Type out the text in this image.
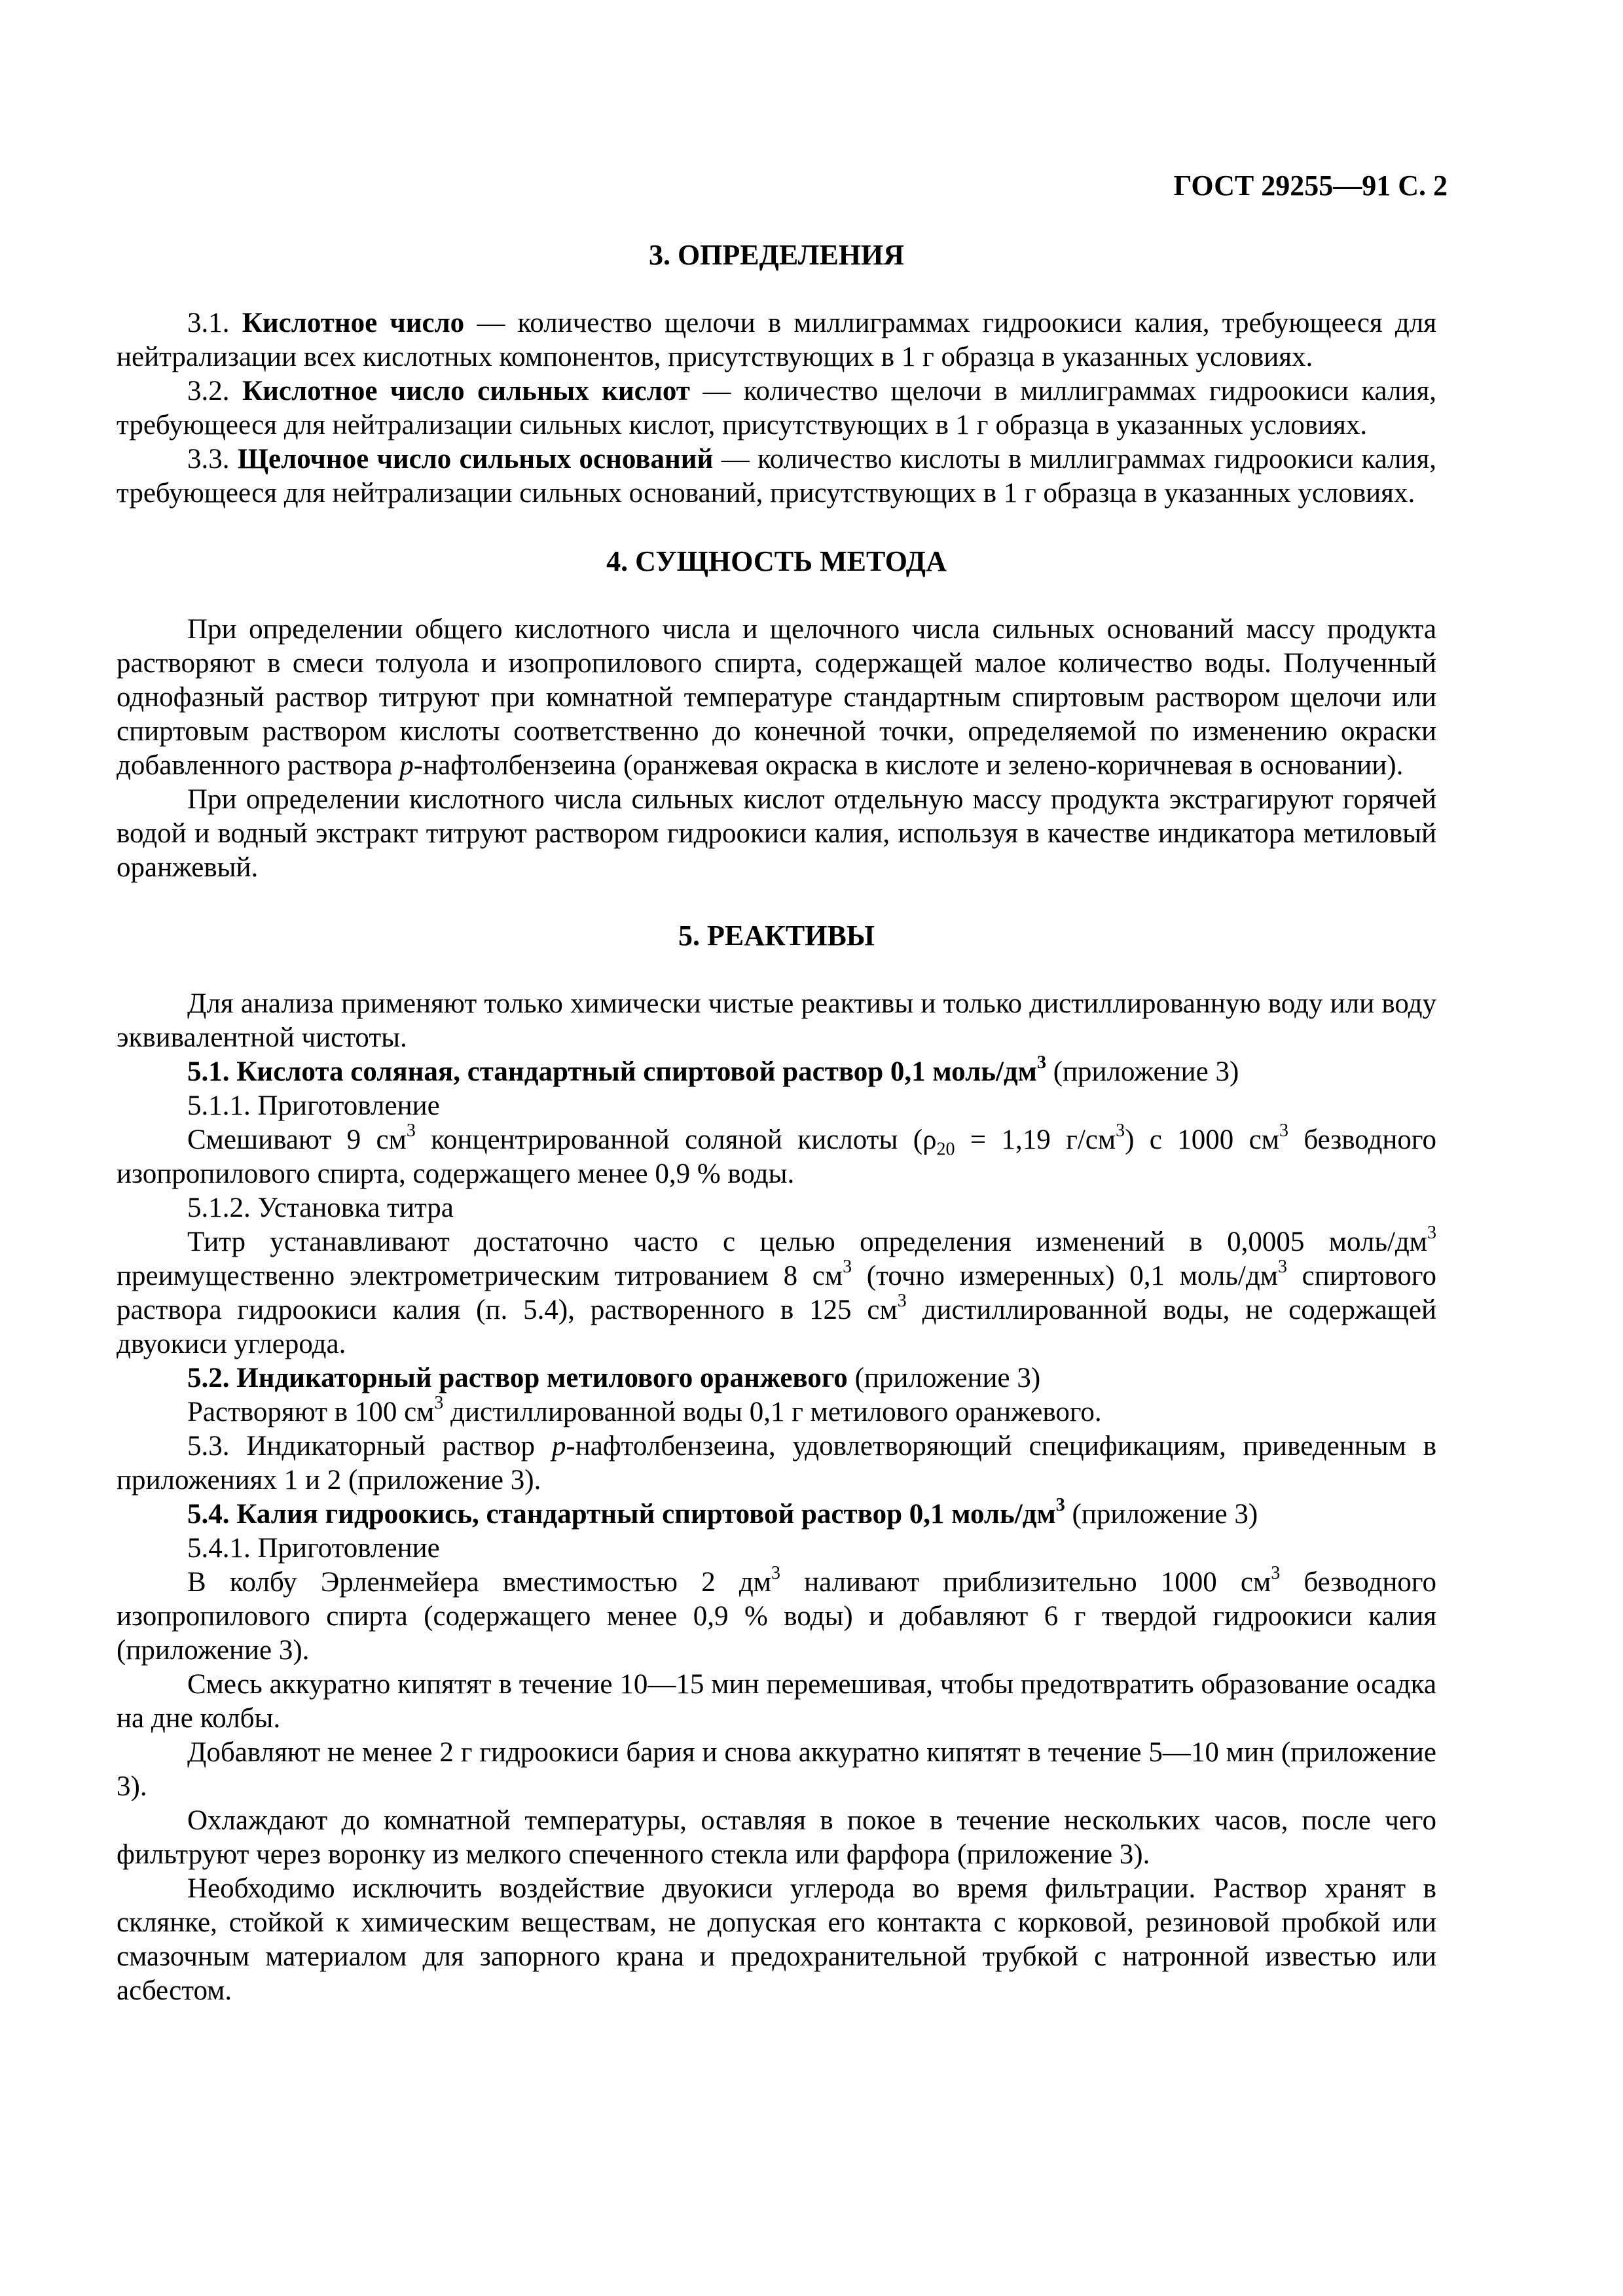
ГОСТ 29255—91 С. 2
3. ОПРЕДЕЛЕНИЯ

3.1. Кислотное число — количество щелочи в миллиграммах гидроокиси калия, требующееся для нейтрализации всех кислотных компонентов, присутствующих в 1 г образца в указанных условиях.

3.2. Кислотное число сильных кислот — количество щелочи в миллиграммах гидроокиси калия, требующееся для нейтрализации сильных кислот, присутствующих в 1 г образца в указанных условиях.

3.3. Щелочное число сильных оснований — количество кислоты в миллиграммах гидроокиси калия, требующееся для нейтрализации сильных оснований, присутствующих в 1 г образца в указанных условиях.

4. СУЩНОСТЬ МЕТОДА

При определении общего кислотного числа и щелочного числа сильных оснований массу продукта растворяют в смеси толуола и изопропилового спирта, содержащей малое количество воды. Полученный однофазный раствор титруют при комнатной температуре стандартным спиртовым раствором щелочи или спиртовым раствором кислоты соответственно до конечной точки, определяемой по изменению окраски добавленного раствора p-нафтолбензеина (оранжевая окраска в кислоте и зелено-коричневая в основании).

При определении кислотного числа сильных кислот отдельную массу продукта экстрагируют горячей водой и водный экстракт титруют раствором гидроокиси калия, используя в качестве индикатора метиловый оранжевый.

5. РЕАКТИВЫ

Для анализа применяют только химически чистые реактивы и только дистиллированную воду или воду эквивалентной чистоты.

5.1. Кислота соляная, стандартный спиртовой раствор 0,1 моль/$дм^3$ (приложение 3)

5.1.1. Приготовление

Смешивают 9 $см^3$ концентрированной соляной кислоты ($\rho_{20} = 1,19$ $г/см^3$) с 1000 $см^3$ безводного изопропилового спирта, содержащего менее 0,9 % воды.

5.1.2. Установка титра

Титр устанавливают достаточно часто с целью определения изменений в 0,0005 моль/$дм^3$ преимущественно электрометрическим титрованием 8 $см^3$ (точно измеренных) 0,1 моль/$дм^3$ спиртового раствора гидроокиси калия (п. 5.4), растворенного в 125 $см^3$ дистиллированной воды, не содержащей двуокиси углерода.

5.2. Индикаторный раствор метилового оранжевого (приложение 3)

Растворяют в 100 $см^3$ дистиллированной воды 0,1 г метилового оранжевого.

5.3. Индикаторный раствор p-нафтолбензеина, удовлетворяющий спецификациям, приведенным в приложениях 1 и 2 (приложение 3).

5.4. Калия гидроокись, стандартный спиртовой раствор 0,1 моль/$дм^3$ (приложение 3)

5.4.1. Приготовление

В колбу Эрленмейера вместимостью 2 $дм^3$ наливают приблизительно 1000 $см^3$ безводного изопропилового спирта (содержащего менее 0,9 % воды) и добавляют 6 г твердой гидроокиси калия (приложение 3).

Смесь аккуратно кипятят в течение 10—15 мин перемешивая, чтобы предотвратить образование осадка на дне колбы.

Добавляют не менее 2 г гидроокиси бария и снова аккуратно кипятят в течение 5—10 мин (приложение 3).

Охлаждают до комнатной температуры, оставляя в покое в течение нескольких часов, после чего фильтруют через воронку из мелкого спеченного стекла или фарфора (приложение 3).

Необходимо исключить воздействие двуокиси углерода во время фильтрации. Раствор хранят в склянке, стойкой к химическим веществам, не допуская его контакта с корковой, резиновой пробкой или смазочным материалом для запорного крана и предохранительной трубкой с натронной известью или асбестом.
